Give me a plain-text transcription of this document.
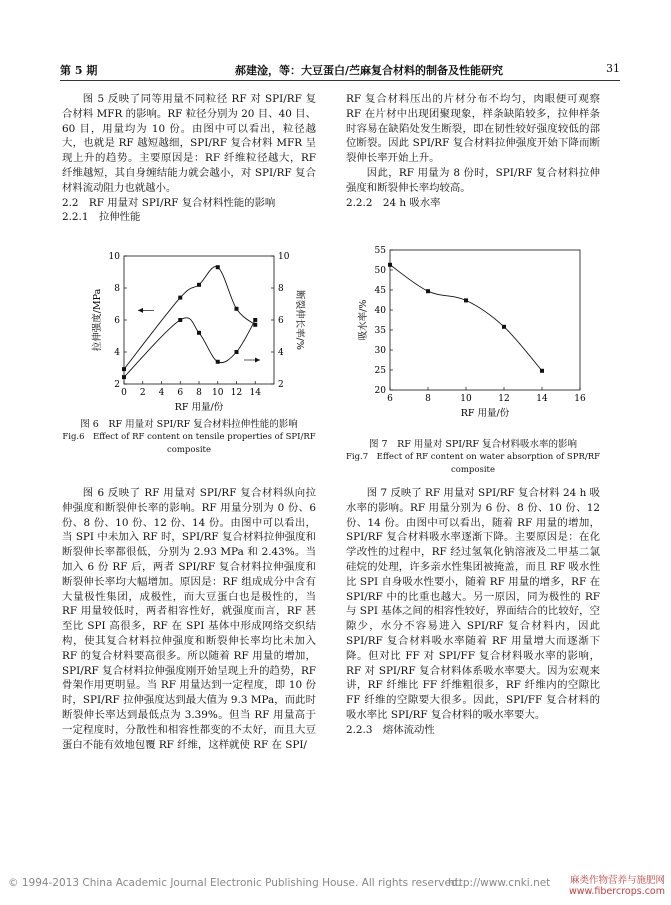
第 5 期	郝建淦，等：大豆蛋白/苎麻复合材料的制备及性能研究	31

图 5 反映了同等用量不同粒径 RF 对 SPI/RF 复合材料 MFR 的影响。RF 粒径分别为 20 目、40 目、60 目，用量均为 10 份。由图中可以看出，粒径越大，也就是 RF 越短越细，SPI/RF 复合材料 MFR 呈现上升的趋势。主要原因是：RF 纤维粒径越大，RF 纤维越短，其自身缠结能力就会越小，对 SPI/RF 复合材料流动阻力也就越小。

2.2　RF 用量对 SPI/RF 复合材料性能的影响

2.2.1　拉伸性能

0 2 4 6 8 10 12 14
2
4
6
8
10
2
4
6
8
10
RF 用量/份
拉伸强度/MPa	断裂伸长率/%
图 6　RF 用量对 SPI/RF 复合材料拉伸性能的影响
Fig.6　Effect of RF content on tensile properties of SPI/RF composite

图 6 反映了 RF 用量对 SPI/RF 复合材料纵向拉伸强度和断裂伸长率的影响。RF 用量分别为 0 份、6 份、8 份、10 份、12 份、14 份。由图中可以看出，当 SPI 中未加入 RF 时，SPI/RF 复合材料拉伸强度和断裂伸长率都很低，分别为 2.93 MPa 和 2.43%。当加入 6 份 RF 后，两者 SPI/RF 复合材料拉伸强度和断裂伸长率均大幅增加。原因是：RF 组成成分中含有大量极性集团，成极性，而大豆蛋白也是极性的，当 RF 用量较低时，两者相容性好，就强度而言，RF 甚至比 SPI 高很多，RF 在 SPI 基体中形成网络交织结构，使其复合材料拉伸强度和断裂伸长率均比未加入 RF 的复合材料要高很多。所以随着 RF 用量的增加，SPI/RF 复合材料拉伸强度刚开始呈现上升的趋势，RF 骨架作用更明显。当 RF 用量达到一定程度，即 10 份时，SPI/RF 拉伸强度达到最大值为 9.3 MPa，而此时断裂伸长率达到最低点为 3.39%。但当 RF 用量高于一定程度时，分散性和相容性都变的不太好，而且大豆蛋白不能有效地包覆 RF 纤维，这样就使 RF 在 SPI/

RF 复合材料压出的片材分布不均匀，肉眼便可观察 RF 在片材中出现团聚现象，样条缺陷较多，拉伸样条时容易在缺陷处发生断裂，即在韧性较好强度较低的部位断裂。因此 SPI/RF 复合材料拉伸强度开始下降而断裂伸长率开始上升。

因此，RF 用量为 8 份时，SPI/RF 复合材料拉伸强度和断裂伸长率均较高。

2.2.2　24 h 吸水率

6	8	10	12	14	16
20
25
30
35
40
45
50
55
RF 用量/份
吸水率/%
图 7　RF 用量对 SPI/RF 复合材料吸水率的影响
Fig.7　Effect of RF content on water absorption of SPR/RF composite

图 7 反映了 RF 用量对 SPI/RF 复合材料 24 h 吸水率的影响。RF 用量分别为 6 份、8 份、10 份、12 份、14 份。由图中可以看出，随着 RF 用量的增加，SPI/RF 复合材料吸水率逐渐下降。主要原因是：在化学改性的过程中，RF 经过氢氧化钠溶液及二甲基二氯硅烷的处理，许多亲水性集团被掩盖，而且 RF 吸水性比 SPI 自身吸水性要小，随着 RF 用量的增多，RF 在 SPI/RF 中的比重也越大。另一原因，同为极性的 RF 与 SPI 基体之间的相容性较好，界面结合的比较好，空隙少，水分不容易进入 SPI/RF 复合材料内，因此 SPI/RF 复合材料吸水率随着 RF 用量增大而逐渐下降。但对比 FF 对 SPI/FF 复合材料吸水率的影响，RF 对 SPI/RF 复合材料体系吸水率要大。因为宏观来讲，RF 纤维比 FF 纤维粗很多，RF 纤维内的空隙比 FF 纤维的空隙要大很多。因此，SPI/FF 复合材料的吸水率比 SPI/RF 复合材料的吸水率要大。

2.2.3　熔体流动性

© 1994-2013 China Academic Journal Electronic Publishing House. All rights reserved.
http://www.cnki.net 麻类作物营养与施肥网
www.fibercrops.com
